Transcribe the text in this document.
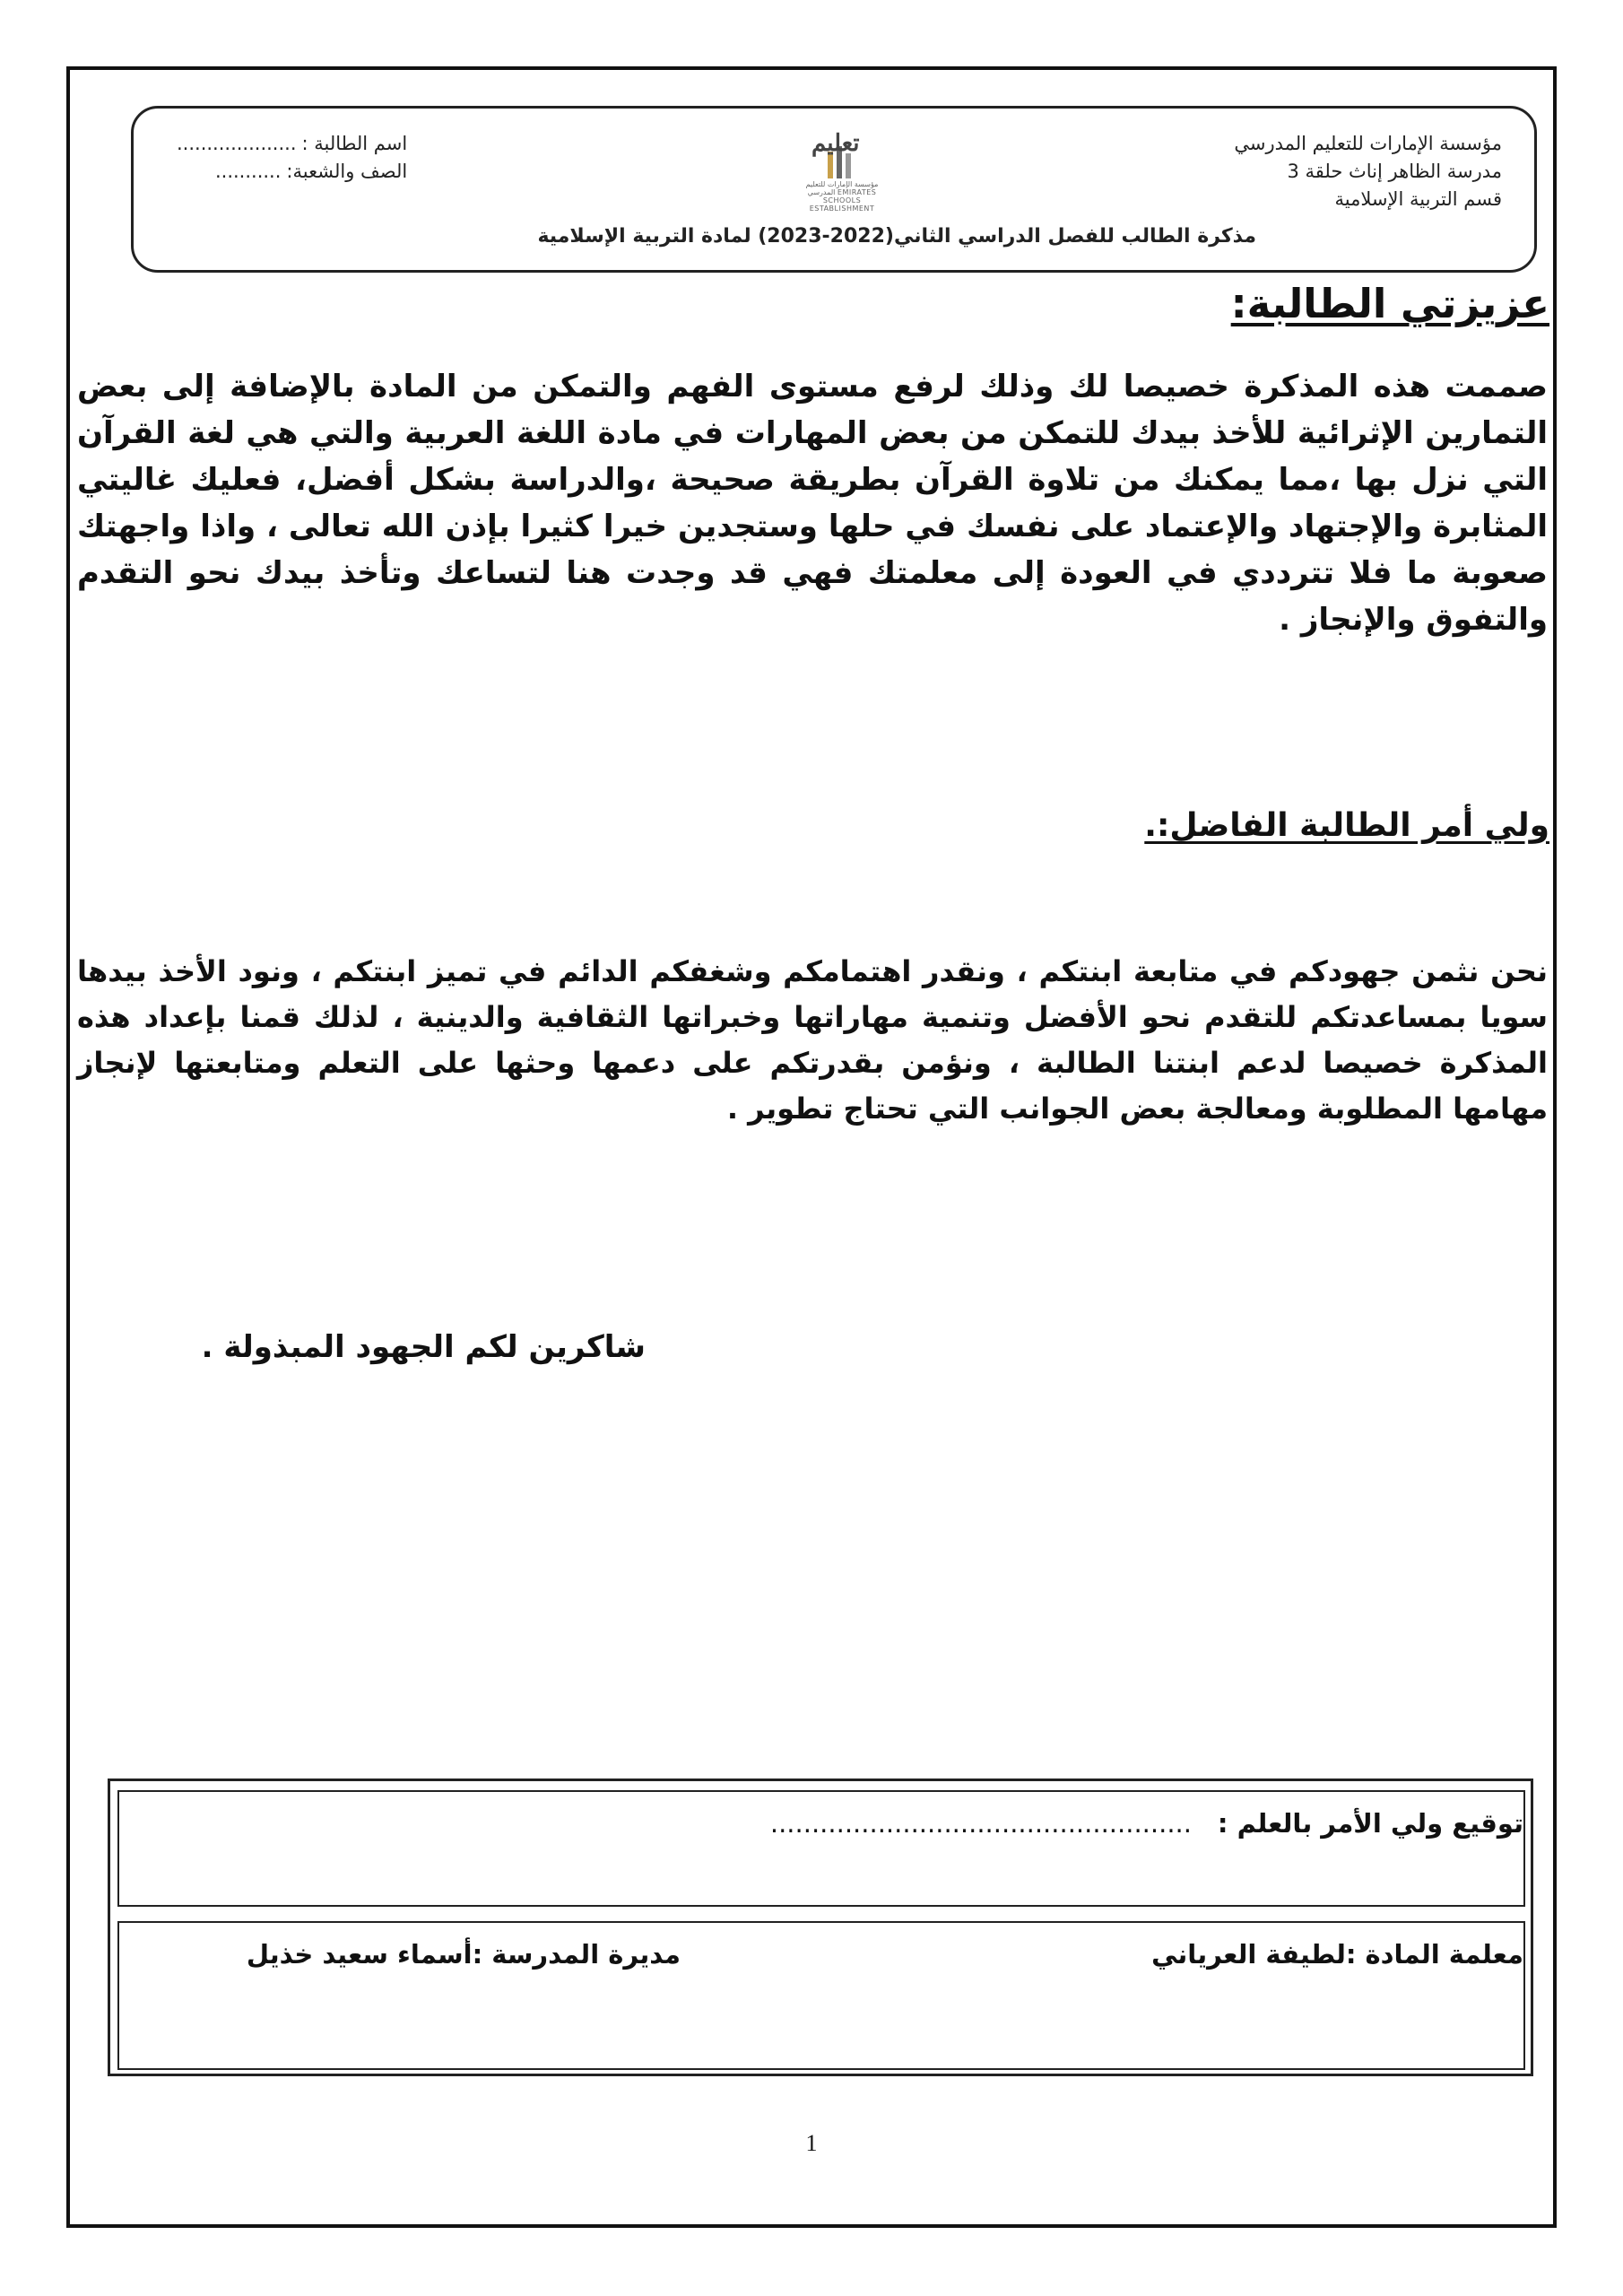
مؤسسة الإمارات للتعليم المدرسي
مدرسة الظاهر إناث حلقة 3
قسم التربية الإسلامية
تعليم
مؤسسة الإمارات للتعليم المدرسي EMIRATES SCHOOLS ESTABLISHMENT
اسم الطالبة :
....................
الصف والشعبة:
...........
مذكرة الطالب للفصل الدراسي الثاني(2022-2023) لمادة التربية الإسلامية
عزيزتي الطالبة:
صممت هذه المذكرة خصيصا لك وذلك لرفع مستوى الفهم والتمكن من المادة بالإضافة إلى بعض التمارين الإثرائية للأخذ بيدك للتمكن من بعض المهارات في مادة اللغة العربية والتي هي لغة القرآن التي نزل بها ،مما يمكنك من تلاوة القرآن بطريقة صحيحة ،والدراسة بشكل أفضل، فعليك غاليتي المثابرة والإجتهاد والإعتماد على نفسك في حلها وستجدين خيرا كثيرا بإذن الله تعالى ، واذا واجهتك صعوبة ما فلا تترددي في العودة إلى معلمتك فهي قد وجدت هنا لتساعك وتأخذ بيدك نحو التقدم والتفوق والإنجاز .
ولي أمر الطالبة الفاضل:.
نحن نثمن جهودكم في متابعة ابنتكم ، ونقدر اهتمامكم وشغفكم الدائم في تميز ابنتكم ، ونود الأخذ بيدها سويا بمساعدتكم للتقدم نحو الأفضل وتنمية مهاراتها وخبراتها الثقافية والدينية ، لذلك قمنا بإعداد هذه المذكرة خصيصا لدعم ابنتنا الطالبة ، ونؤمن بقدرتكم على دعمها وحثها على التعلم ومتابعتها لإنجاز مهامها المطلوبة ومعالجة بعض الجوانب التي تحتاج تطوير .
شاكرين لكم الجهود المبذولة .
توقيع ولي الأمر بالعلم :
...................................................
معلمة المادة :لطيفة العرياني
مديرة المدرسة :أسماء سعيد خذيل
1
